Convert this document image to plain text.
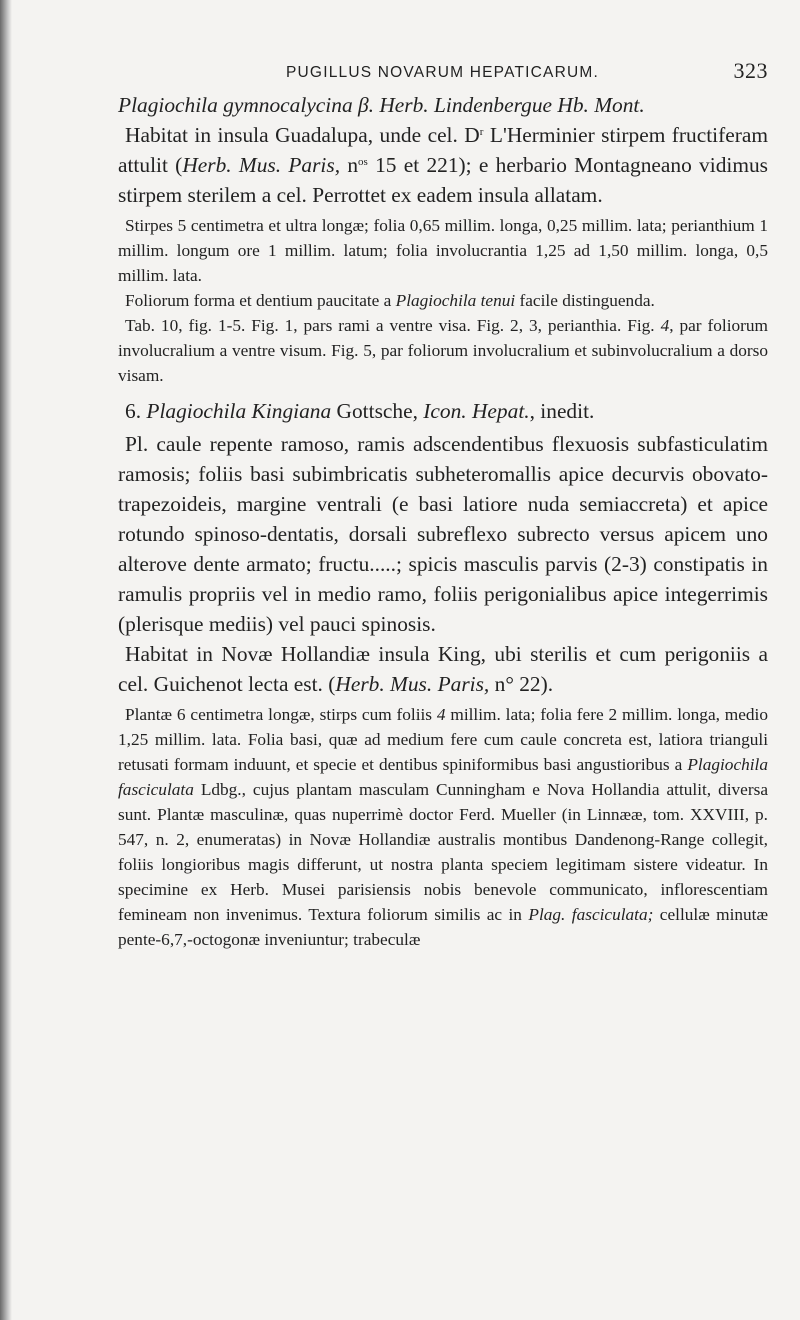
PUGILLUS NOVARUM HEPATICARUM.	323

Plagiochila gymnocalycina β. Herb. Lindenbergue Hb. Mont.

Habitat in insula Guadalupa, unde cel. $D^r$ L'Herminier stirpem fructiferam attulit (Herb. Mus. Paris, $n^{os}$ 15 et 221); e herbario Montagneano vidimus stirpem sterilem a cel. Perrottet ex eadem insula allatam.

Stirpes 5 centimetra et ultra longæ; folia 0,65 millim. longa, 0,25 millim. lata; perianthium 1 millim. longum ore 1 millim. latum; folia involucrantia 1,25 ad 1,50 millim. longa, 0,5 millim. lata.

Foliorum forma et dentium paucitate a Plagiochila tenui facile distinguenda.

Tab. 10, fig. 1-5. Fig. 1, pars rami a ventre visa. Fig. 2, 3, perianthia. Fig. 4, par foliorum involucralium a ventre visum. Fig. 5, par foliorum involucralium et subinvolucralium a dorso visam.

6. Plagiochila Kingiana Gottsche, Icon. Hepat., inedit.

Pl. caule repente ramoso, ramis adscendentibus flexuosis subfasticulatim ramosis; foliis basi subimbricatis subheteromallis apice decurvis obovato-trapezoideis, margine ventrali (e basi latiore nuda semiaccreta) et apice rotundo spinoso-dentatis, dorsali subreflexo subrecto versus apicem uno alterove dente armato; fructu.....; spicis masculis parvis (2-3) constipatis in ramulis propriis vel in medio ramo, foliis perigonialibus apice integerrimis (plerisque mediis) vel pauci spinosis.

Habitat in Novæ Hollandiæ insula King, ubi sterilis et cum perigoniis a cel. Guichenot lecta est. (Herb. Mus. Paris, n° 22).

Plantæ 6 centimetra longæ, stirps cum foliis 4 millim. lata; folia fere 2 millim. longa, medio 1,25 millim. lata. Folia basi, quæ ad medium fere cum caule concreta est, latiora trianguli retusati formam induunt, et specie et dentibus spiniformibus basi angustioribus a Plagiochila fasciculata Ldbg., cujus plantam masculam Cunningham e Nova Hollandia attulit, diversa sunt. Plantæ masculinæ, quas nuperrimè doctor Ferd. Mueller (in Linnææ, tom. XXVIII, p. 547, n. 2, enumeratas) in Novæ Hollandiæ australis montibus Dandenong-Range collegit, foliis longioribus magis differunt, ut nostra planta speciem legitimam sistere videatur. In specimine ex Herb. Musei parisiensis nobis benevole communicato, inflorescentiam femineam non invenimus. Textura foliorum similis ac in Plag. fasciculata; cellulæ minutæ pente-6,7,-octogonæ inveniuntur; trabeculæ
